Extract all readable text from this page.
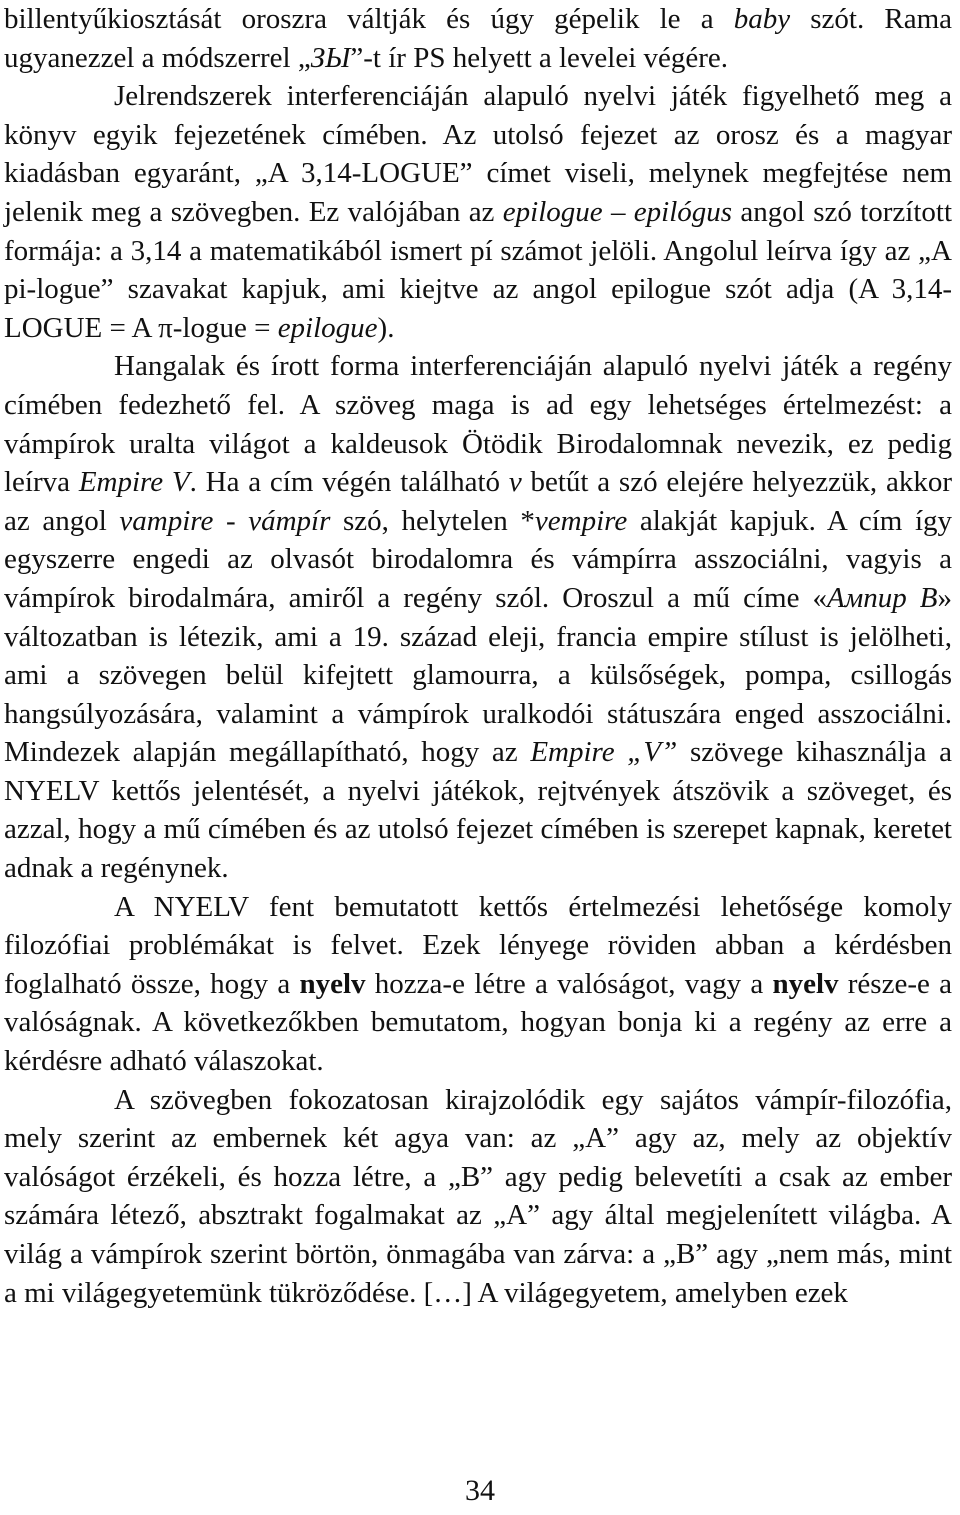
billentyűkiosztását oroszra váltják és úgy gépelik le a baby szót. Rama ugyanezzel a módszerrel „ЗЫ”-t ír PS helyett a levelei végére.

Jelrendszerek interferenciáján alapuló nyelvi játék figyelhető meg a könyv egyik fejezetének címében. Az utolsó fejezet az orosz és a magyar kiadásban egyaránt, „A 3,14-LOGUE” címet viseli, melynek megfejtése nem jelenik meg a szövegben. Ez valójában az epilogue – epilógus angol szó torzított formája: a 3,14 a matematikából ismert pí számot jelöli. Angolul leírva így az „A pi-logue” szavakat kapjuk, ami kiejtve az angol epilogue szót adja (A 3,14-LOGUE = A π-logue = epilogue).

Hangalak és írott forma interferenciáján alapuló nyelvi játék a regény címében fedezhető fel. A szöveg maga is ad egy lehetséges értelmezést: a vámpírok uralta világot a kaldeusok Ötödik Birodalomnak nevezik, ez pedig leírva Empire V. Ha a cím végén található v betűt a szó elejére helyezzük, akkor az angol vampire - vámpír szó, helytelen *vempire alakját kapjuk. A cím így egyszerre engedi az olvasót birodalomra és vámpírra asszociálni, vagyis a vámpírok birodalmára, amiről a regény szól. Oroszul a mű címe «Ампир В» változatban is létezik, ami a 19. század eleji, francia empire stílust is jelölheti, ami a szövegen belül kifejtett glamourra, a külsőségek, pompa, csillogás hangsúlyozására, valamint a vámpírok uralkodói státuszára enged asszociálni. Mindezek alapján megállapítható, hogy az Empire „V” szövege kihasználja a NYELV kettős jelentését, a nyelvi játékok, rejtvények átszövik a szöveget, és azzal, hogy a mű címében és az utolsó fejezet címében is szerepet kapnak, keretet adnak a regénynek.

A NYELV fent bemutatott kettős értelmezési lehetősége komoly filozófiai problémákat is felvet. Ezek lényege röviden abban a kérdésben foglalható össze, hogy a nyelv hozza-e létre a valóságot, vagy a nyelv része-e a valóságnak. A következőkben bemutatom, hogyan bonja ki a regény az erre a kérdésre adható válaszokat.

A szövegben fokozatosan kirajzolódik egy sajátos vámpír-filozófia, mely szerint az embernek két agya van: az „A” agy az, mely az objektív valóságot érzékeli, és hozza létre, a „B” agy pedig belevetíti a csak az ember számára létező, absztrakt fogalmakat az „A” agy által megjelenített világba. A világ a vámpírok szerint börtön, önmagába van zárva: a „B” agy „nem más, mint a mi világegyetemünk tükröződése. […] A világegyetem, amelyben ezek

34
